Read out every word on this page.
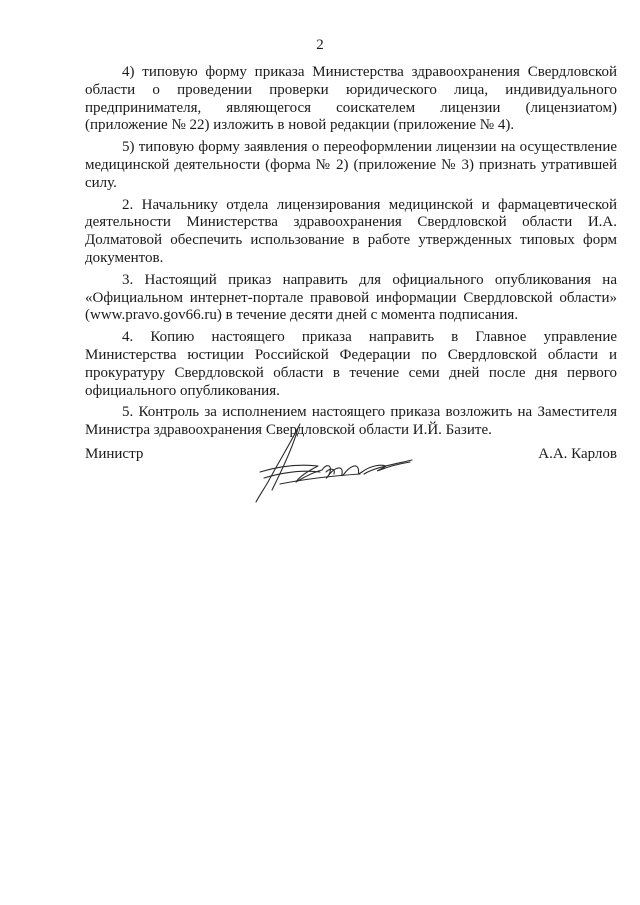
2

4) типовую форму приказа Министерства здравоохранения Свердловской области о проведении проверки юридического лица, индивидуального предпринимателя, являющегося соискателем лицензии (лицензиатом) (приложение № 22) изложить в новой редакции (приложение № 4).

5) типовую форму заявления о переоформлении лицензии на осуществление медицинской деятельности (форма № 2) (приложение № 3) признать утратившей силу.

2. Начальнику отдела лицензирования медицинской и фармацевтической деятельности Министерства здравоохранения Свердловской области И.А. Долматовой обеспечить использование в работе утвержденных типовых форм документов.

3. Настоящий приказ направить для официального опубликования на «Официальном интернет-портале правовой информации Свердловской области» (www.pravo.gov66.ru) в течение десяти дней с момента подписания.

4. Копию настоящего приказа направить в Главное управление Министерства юстиции Российской Федерации по Свердловской области и прокуратуру Свердловской области в течение семи дней после дня первого официального опубликования.

5. Контроль за исполнением настоящего приказа возложить на Заместителя Министра здравоохранения Свердловской области И.Й. Базите.

Министр	А.А. Карлов
